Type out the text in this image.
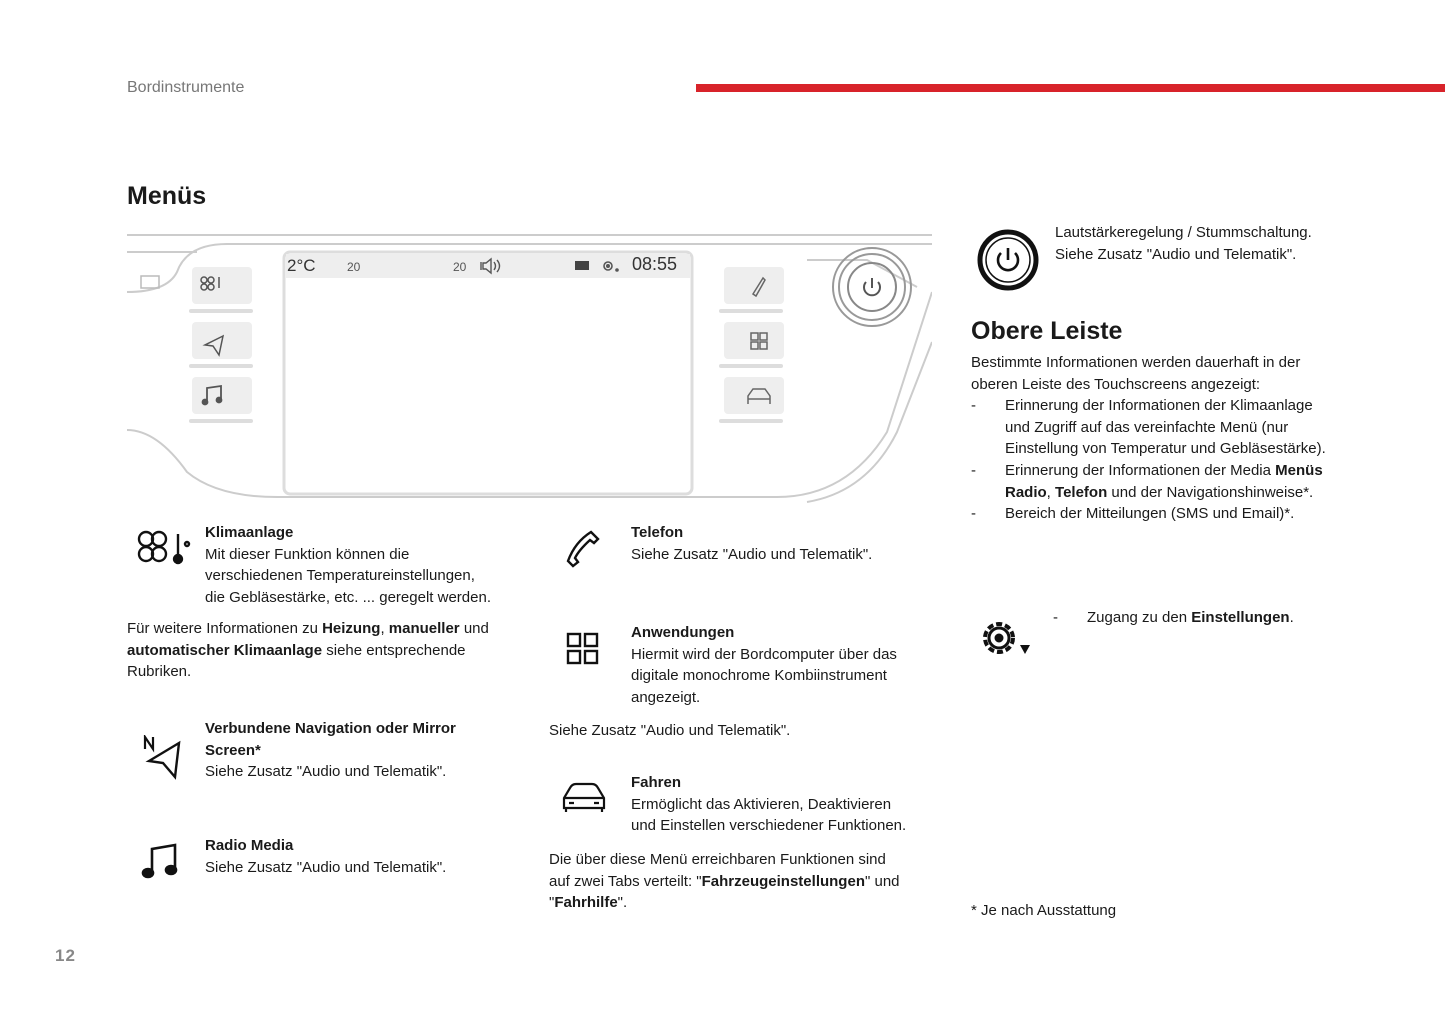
Bordinstrumente
Menüs
2°C	20	20	08:55
Klimaanlage
Mit dieser Funktion können die
verschiedenen Temperatureinstellungen,
die Gebläsestärke, etc. ... geregelt werden.
Für weitere Informationen zu Heizung, manueller und
automatischer Klimaanlage siehe entsprechende
Rubriken.
Verbundene Navigation oder Mirror
Screen*
Siehe Zusatz "Audio und Telematik".
Radio Media
Siehe Zusatz "Audio und Telematik".
Telefon
Siehe Zusatz "Audio und Telematik".
Anwendungen
Hiermit wird der Bordcomputer über das
digitale monochrome Kombiinstrument
angezeigt.
Siehe Zusatz "Audio und Telematik".
Fahren
Ermöglicht das Aktivieren, Deaktivieren
und Einstellen verschiedener Funktionen.
Die über diese Menü erreichbaren Funktionen sind
auf zwei Tabs verteilt: "Fahrzeugeinstellungen" und
"Fahrhilfe".
Lautstärkeregelung / Stummschaltung.
Siehe Zusatz "Audio und Telematik".
Obere Leiste
Bestimmte Informationen werden dauerhaft in der
oberen Leiste des Touchscreens angezeigt:
- Erinnerung der Informationen der Klimaanlage
und Zugriff auf das vereinfachte Menü (nur
Einstellung von Temperatur und Gebläsestärke).
- Erinnerung der Informationen der Media Menüs
Radio, Telefon und der Navigationshinweise*.
- Bereich der Mitteilungen (SMS und Email)*.
- Zugang zu den Einstellungen.
* Je nach Ausstattung
12
